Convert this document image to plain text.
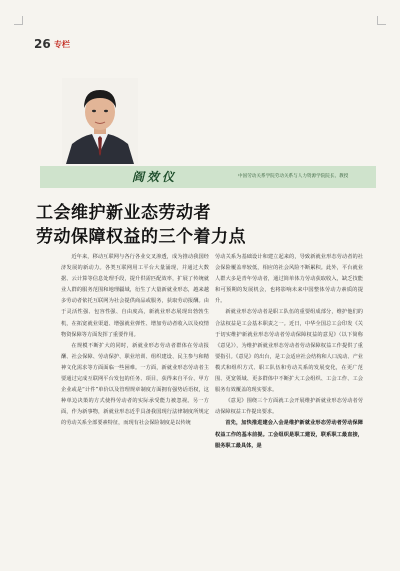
26 专栏
阎效仪	中国劳动关系学院劳动关系与人力资源学院院长、教授
工会维护新业态劳动者
劳动保障权益的三个着力点

近年来，移动互联网与各行各业交叉渗透，成为推动我国经济发展的新动力。各类互联网用工平台大量涌现，并通过大数据、云计算等信息处理手段，提升供需匹配效率，扩展了传统就业人群的服务范围和地理疆域，衍生了大量新就业形态，越来越多劳动者依托互联网为社会提供商品或服务，获取劳动报酬。由于灵活性强、包容性强、自由度高，新就业形态展现出勃勃生机，在拓宽就业渠道、增强就业弹性、增加劳动者收入以及疫情物资保障等方面发挥了重要作用。

在规模不断扩大的同时，新就业形态劳动者群体在劳动报酬、社会保障、劳动保护、职业培训、组织建设、民主参与和精神文化需求等方面面临一些困难。一方面，新就业形态劳动者主要通过完成互联网平台发包的任务、项目，获得来自平台、甲方企业或是“计件”单价以及管理规章制度方面拥有强势话语权，这种单边决策的方式使得劳动者的实际承受能力被忽视。另一方面，作为新事物，新就业形态近乎具备我国现行法律制度所规定的劳动关系全部要素特征，而现有社会保险制度是以传统

劳动关系为基础设计和建立起来的，导致新就业形态劳动者的社会保险覆盖率较低，相应的社会风险不断累积。此外，平台就业人群大多是青年劳动者，通过简单体力劳动获取收入，缺乏技能和可预期的发展机会，也将影响未来中国整体劳动力素质的提升。

新就业形态劳动者是职工队伍的重要组成部分，维护他们的合法权益是工会基本职责之一。近日，中华全国总工会印发《关于切实维护新就业形态劳动者劳动保障权益的意见》（以下简称《意见》），为维护新就业形态劳动者劳动保障权益工作提供了重要指引。《意见》的出台，是工会适应社会结构和人口流动、产业模式和组织方式、职工队伍和劳动关系的发展变化，在更广范围、更宽领域、更多群体中不断扩大工会组织、工会工作、工会服务有效覆盖的现实要求。

《意见》围绕三个方面就工会开展维护新就业形态劳动者劳动保障权益工作提出要求。

首先，加快推进建会入会是维护新就业形态劳动者劳动保障权益工作的基本前提。工会组织是职工建设，联系职工最直接，服务职工最具体，是
